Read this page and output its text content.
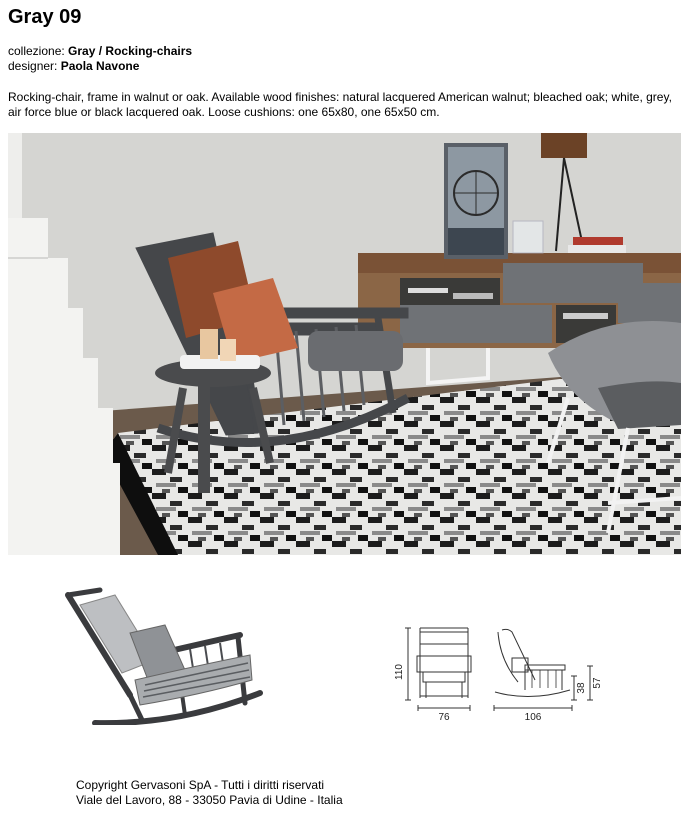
Gray 09
collezione: Gray / Rocking-chairs
designer: Paola Navone
Rocking-chair, frame in walnut or oak. Available wood finishes: natural lacquered American walnut; bleached oak; white, grey, air force blue or black lacquered oak. Loose cushions: one 65x80, one 65x50 cm.
110
76	106
38 57
Copyright Gervasoni SpA - Tutti i diritti riservati
Viale del Lavoro, 88 - 33050 Pavia di Udine - Italia
